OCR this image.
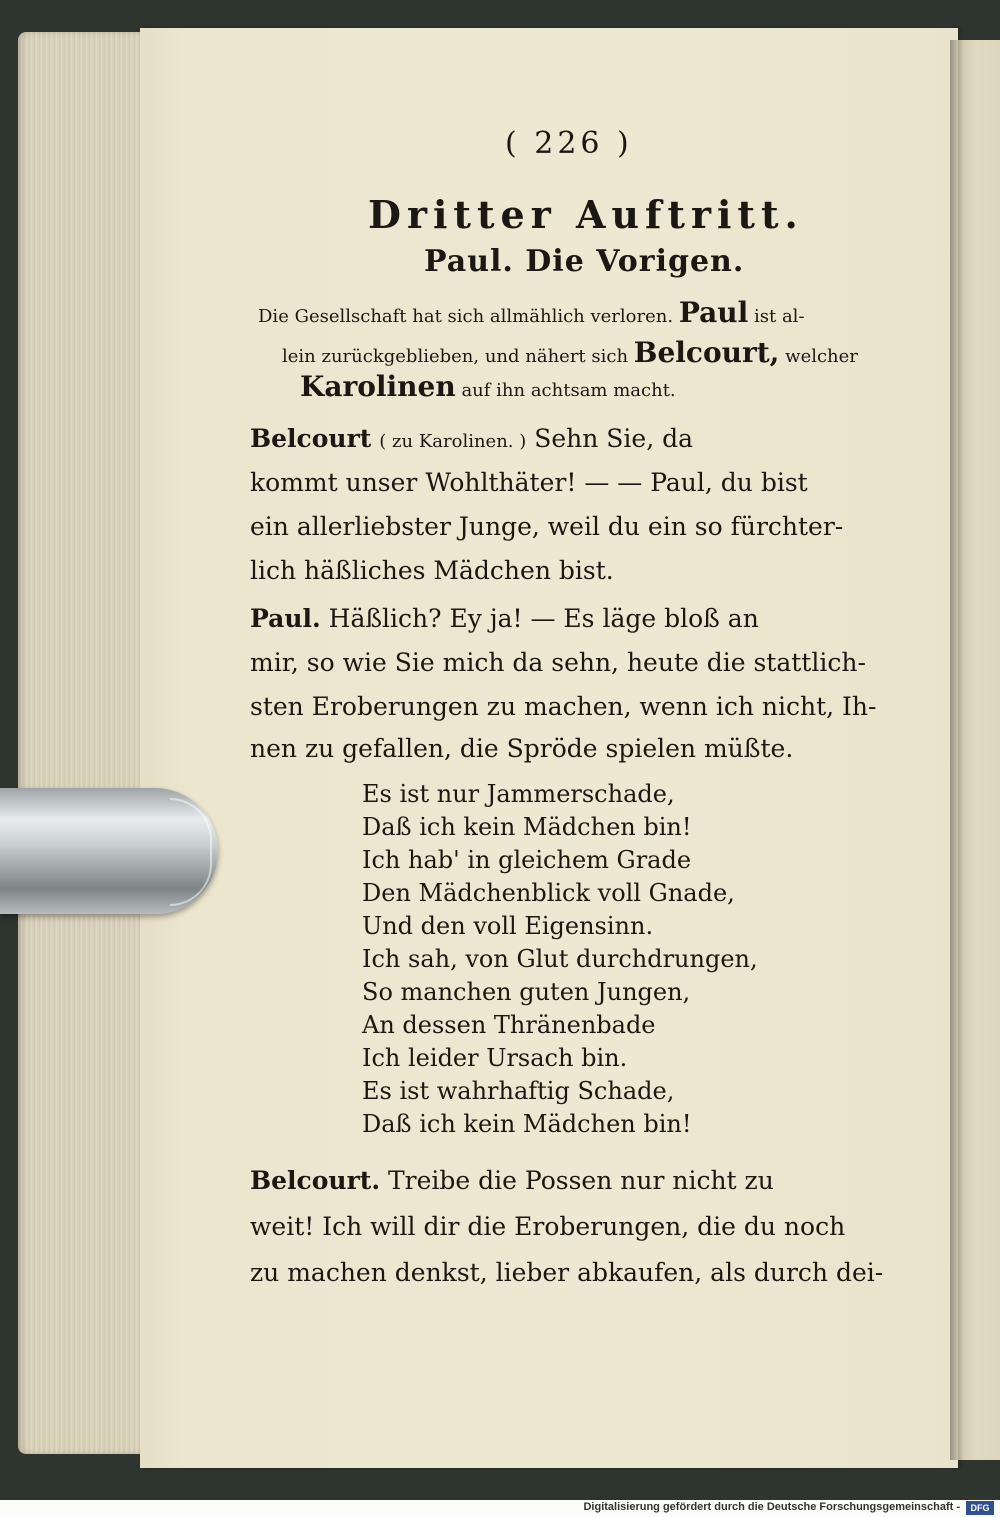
( 226 )
Dritter Auftritt.
Paul. Die Vorigen.
Die Gesellschaft hat sich allmählich verloren. Paul ist al-
lein zurückgeblieben, und nähert sich Belcourt, welcher
Karolinen auf ihn achtsam macht.
Belcourt ( zu Karolinen. ) Sehn Sie, da
kommt unser Wohlthäter! — — Paul, du bist
ein allerliebster Junge, weil du ein so fürchter-
lich häßliches Mädchen bist.
Paul. Häßlich? Ey ja! — Es läge bloß an
mir, so wie Sie mich da sehn, heute die stattlich-
sten Eroberungen zu machen, wenn ich nicht, Ih-
nen zu gefallen, die Spröde spielen müßte.
Es ist nur Jammerschade,
Daß ich kein Mädchen bin!
Ich hab' in gleichem Grade
Den Mädchenblick voll Gnade,
Und den voll Eigensinn.
Ich sah, von Glut durchdrungen,
So manchen guten Jungen,
An dessen Thränenbade
Ich leider Ursach bin.
Es ist wahrhaftig Schade,
Daß ich kein Mädchen bin!
Belcourt. Treibe die Possen nur nicht zu
weit! Ich will dir die Eroberungen, die du noch
zu machen denkst, lieber abkaufen, als durch dei-
Digitalisierung gefördert durch die Deutsche Forschungsgemeinschaft -	DFG
